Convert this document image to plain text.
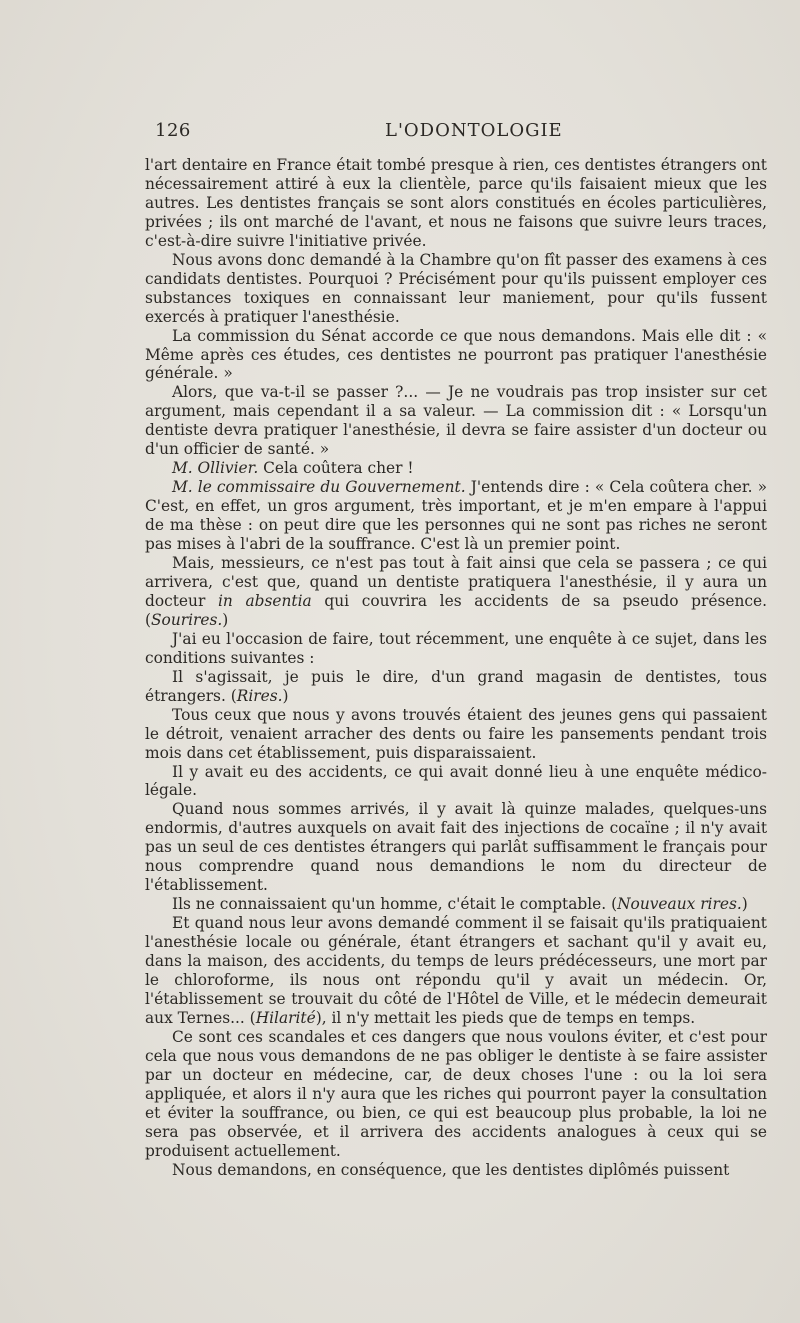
126	L'ODONTOLOGIE

l'art dentaire en France était tombé presque à rien, ces dentistes étrangers ont nécessairement attiré à eux la clientèle, parce qu'ils faisaient mieux que les autres. Les dentistes français se sont alors constitués en écoles particulières, privées ; ils ont marché de l'avant, et nous ne faisons que suivre leurs traces, c'est-à-dire suivre l'initiative privée.

Nous avons donc demandé à la Chambre qu'on fît passer des examens à ces candidats dentistes. Pourquoi ? Précisément pour qu'ils puissent employer ces substances toxiques en connaissant leur maniement, pour qu'ils fussent exercés à pratiquer l'anesthésie.

La commission du Sénat accorde ce que nous demandons. Mais elle dit : « Même après ces études, ces dentistes ne pourront pas pratiquer l'anesthésie générale. »

Alors, que va-t-il se passer ?... — Je ne voudrais pas trop insister sur cet argument, mais cependant il a sa valeur. — La commission dit : « Lorsqu'un dentiste devra pratiquer l'anesthésie, il devra se faire assister d'un docteur ou d'un officier de santé. »

M. Ollivier. Cela coûtera cher !

M. le commissaire du Gouvernement. J'entends dire : « Cela coûtera cher. » C'est, en effet, un gros argument, très important, et je m'en empare à l'appui de ma thèse : on peut dire que les personnes qui ne sont pas riches ne seront pas mises à l'abri de la souffrance. C'est là un premier point.

Mais, messieurs, ce n'est pas tout à fait ainsi que cela se passera ; ce qui arrivera, c'est que, quand un dentiste pratiquera l'anesthésie, il y aura un docteur in absentia qui couvrira les accidents de sa pseudo présence. (Sourires.)

J'ai eu l'occasion de faire, tout récemment, une enquête à ce sujet, dans les conditions suivantes :

Il s'agissait, je puis le dire, d'un grand magasin de dentistes, tous étrangers. (Rires.)

Tous ceux que nous y avons trouvés étaient des jeunes gens qui passaient le détroit, venaient arracher des dents ou faire les pansements pendant trois mois dans cet établissement, puis disparaissaient.

Il y avait eu des accidents, ce qui avait donné lieu à une enquête médico-légale.

Quand nous sommes arrivés, il y avait là quinze malades, quelques-uns endormis, d'autres auxquels on avait fait des injections de cocaïne ; il n'y avait pas un seul de ces dentistes étrangers qui parlât suffisamment le français pour nous comprendre quand nous demandions le nom du directeur de l'établissement.

Ils ne connaissaient qu'un homme, c'était le comptable. (Nouveaux rires.)

Et quand nous leur avons demandé comment il se faisait qu'ils pratiquaient l'anesthésie locale ou générale, étant étrangers et sachant qu'il y avait eu, dans la maison, des accidents, du temps de leurs prédécesseurs, une mort par le chloroforme, ils nous ont répondu qu'il y avait un médecin. Or, l'établissement se trouvait du côté de l'Hôtel de Ville, et le médecin demeurait aux Ternes... (Hilarité), il n'y mettait les pieds que de temps en temps.

Ce sont ces scandales et ces dangers que nous voulons éviter, et c'est pour cela que nous vous demandons de ne pas obliger le dentiste à se faire assister par un docteur en médecine, car, de deux choses l'une : ou la loi sera appliquée, et alors il n'y aura que les riches qui pourront payer la consultation et éviter la souffrance, ou bien, ce qui est beaucoup plus probable, la loi ne sera pas observée, et il arrivera des accidents analogues à ceux qui se produisent actuellement.

Nous demandons, en conséquence, que les dentistes diplômés puissent
